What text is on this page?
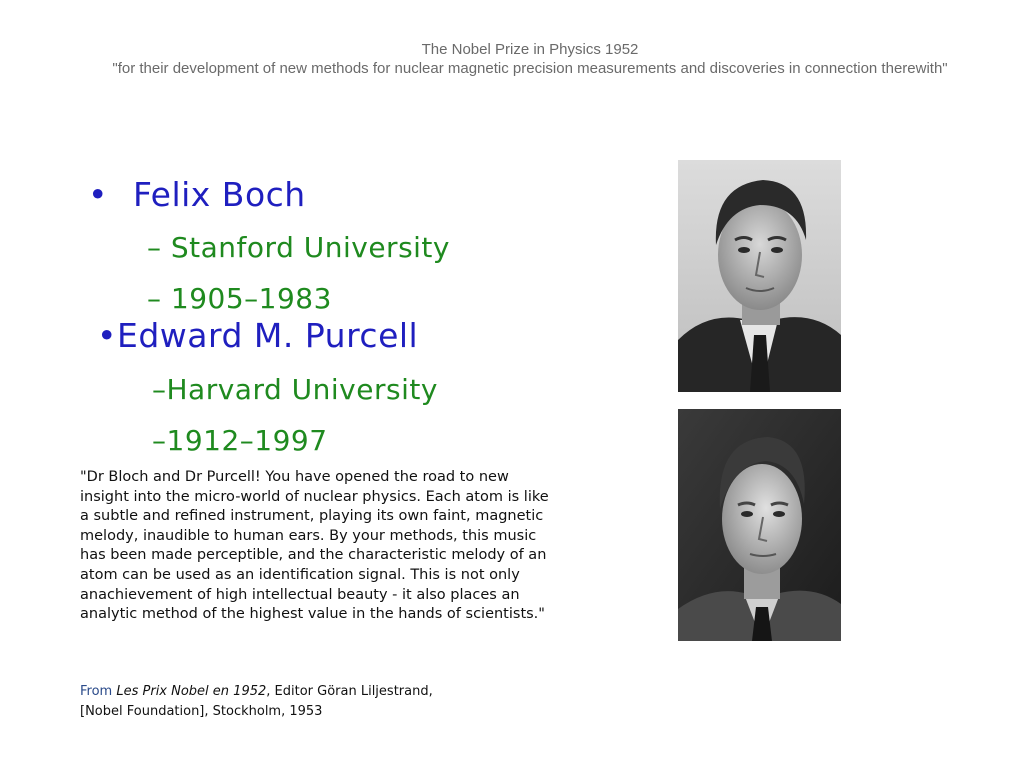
The Nobel Prize in Physics 1952
"for their development of new methods for nuclear magnetic precision measurements and discoveries in connection therewith"
• Felix Boch
– Stanford University
– 1905–1983
•Edward M. Purcell
–Harvard University
–1912–1997

"Dr Bloch and Dr Purcell! You have opened the road to new insight into the micro-world of nuclear physics. Each atom is like a subtle and refined instrument, playing its own faint, magnetic melody, inaudible to human ears. By your methods, this music has been made perceptible, and the characteristic melody of an atom can be used as an identification signal. This is not only anachievement of high intellectual beauty - it also places an analytic method of the highest value in the hands of scientists."

From Les Prix Nobel en 1952, Editor Göran Liljestrand,
[Nobel Foundation], Stockholm, 1953
